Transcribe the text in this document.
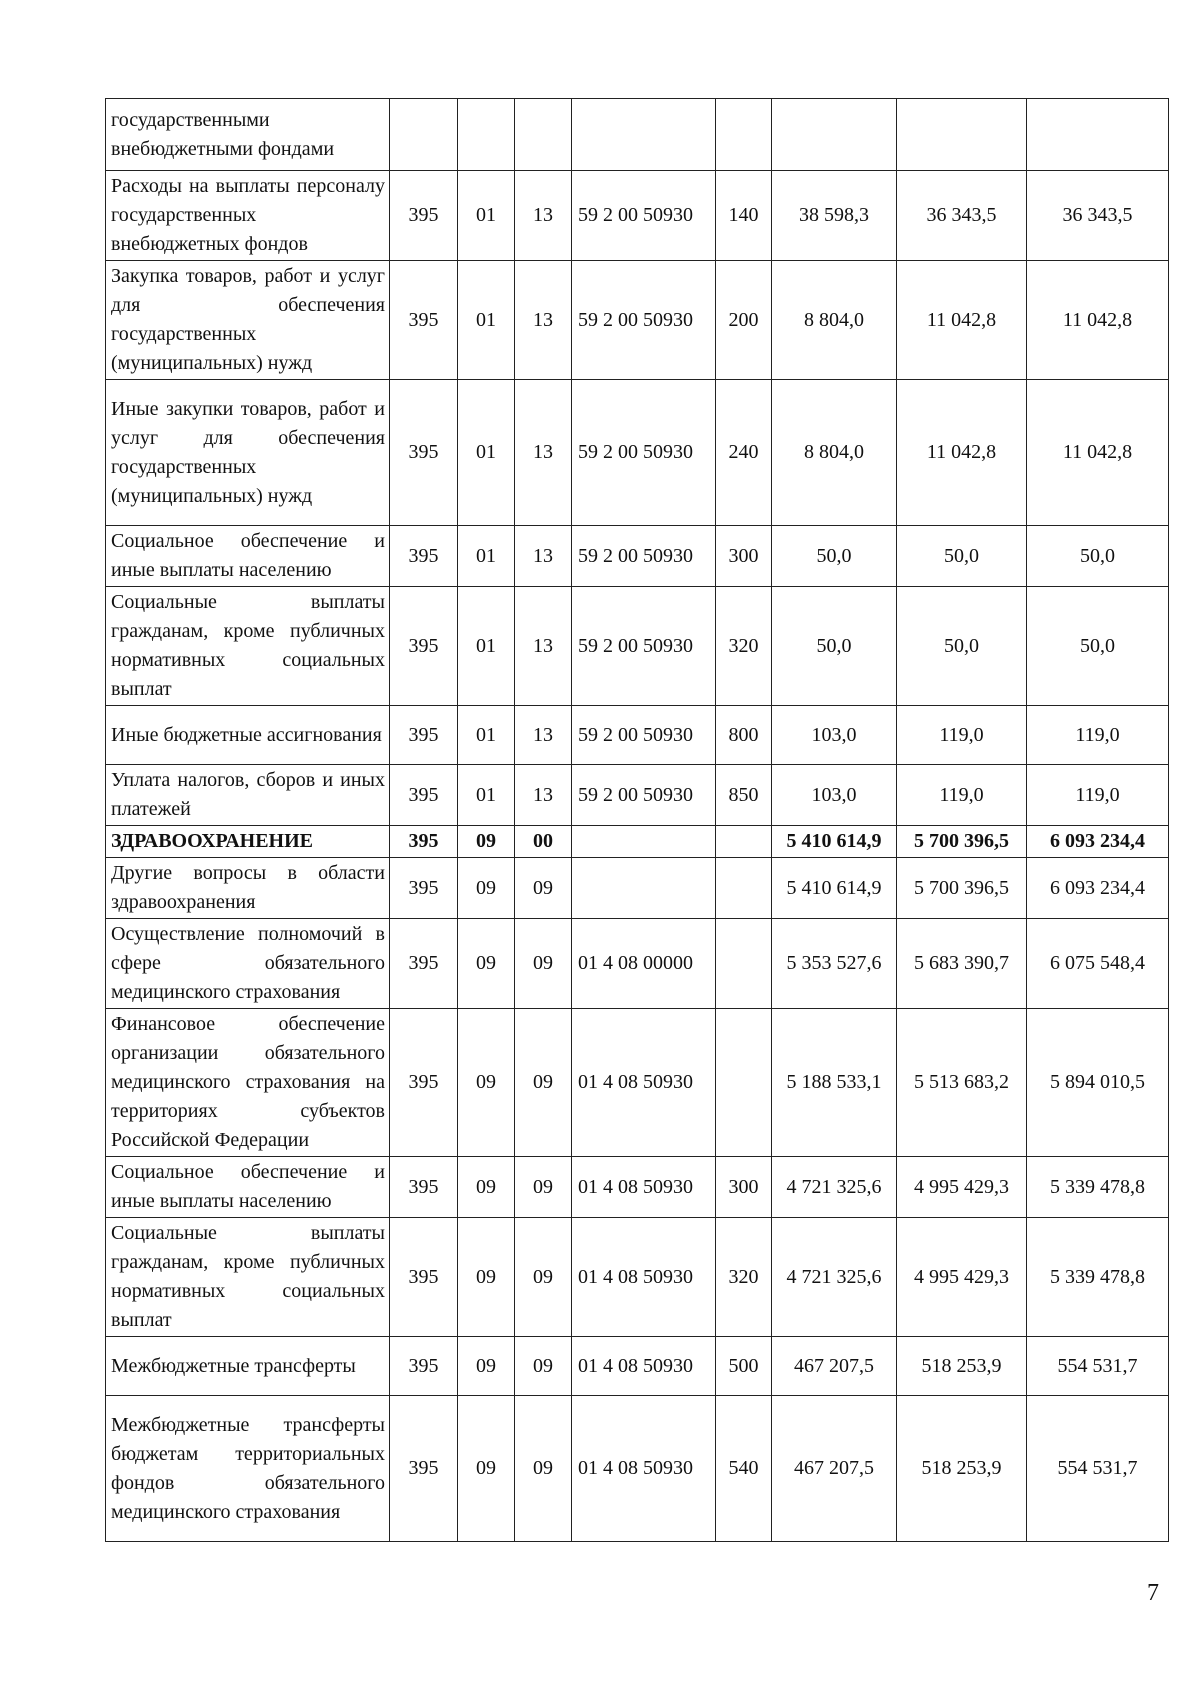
государственными внебюджетными фондами								
Расходы на выплаты персоналу государственных внебюджетных фондов	395	01	13	59 2 00 50930	140	38 598,3	36 343,5	36 343,5
Закупка товаров, работ и услуг для обеспечения государственных (муниципальных) нужд	395	01	13	59 2 00 50930	200	8 804,0	11 042,8	11 042,8
Иные закупки товаров, работ и услуг для обеспечения государственных (муниципальных) нужд	395	01	13	59 2 00 50930	240	8 804,0	11 042,8	11 042,8
Социальное обеспечение и иные выплаты населению	395	01	13	59 2 00 50930	300	50,0	50,0	50,0
Социальные выплаты гражданам, кроме публичных нормативных социальных выплат	395	01	13	59 2 00 50930	320	50,0	50,0	50,0
Иные бюджетные ассигнования	395	01	13	59 2 00 50930	800	103,0	119,0	119,0
Уплата налогов, сборов и иных платежей	395	01	13	59 2 00 50930	850	103,0	119,0	119,0
ЗДРАВООХРАНЕНИЕ	395	09	00			5 410 614,9	5 700 396,5	6 093 234,4
Другие вопросы в области здравоохранения	395	09	09			5 410 614,9	5 700 396,5	6 093 234,4
Осуществление полномочий в сфере обязательного медицинского страхования	395	09	09	01 4 08 00000		5 353 527,6	5 683 390,7	6 075 548,4
Финансовое обеспечение организации обязательного медицинского страхования на территориях субъектов Российской Федерации	395	09	09	01 4 08 50930		5 188 533,1	5 513 683,2	5 894 010,5
Социальное обеспечение и иные выплаты населению	395	09	09	01 4 08 50930	300	4 721 325,6	4 995 429,3	5 339 478,8
Социальные выплаты гражданам, кроме публичных нормативных социальных выплат	395	09	09	01 4 08 50930	320	4 721 325,6	4 995 429,3	5 339 478,8
Межбюджетные трансферты	395	09	09	01 4 08 50930	500	467 207,5	518 253,9	554 531,7
Межбюджетные трансферты бюджетам территориальных фондов обязательного медицинского страхования	395	09	09	01 4 08 50930	540	467 207,5	518 253,9	554 531,7
7
